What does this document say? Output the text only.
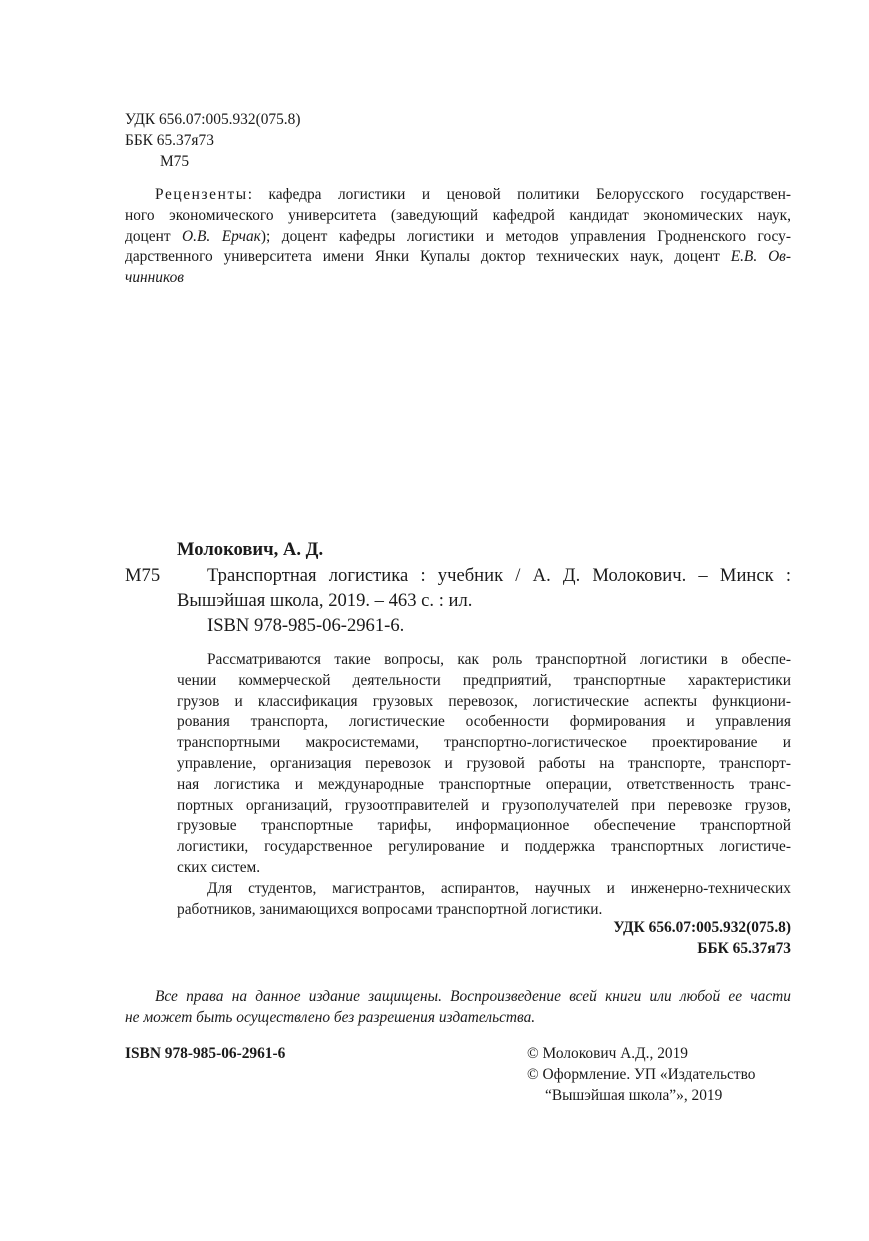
УДК 656.07:005.932(075.8)
ББК 65.37я73
М75
Рецензенты: кафедра логистики и ценовой политики Белорусского государствен-
ного экономического университета (заведующий кафедрой кандидат экономических наук,
доцент О.В. Ерчак); доцент кафедры логистики и методов управления Гродненского госу-
дарственного университета имени Янки Купалы доктор технических наук, доцент Е.В. Ов-
чинников
Молокович, А. Д.
М75	Транспортная логистика : учебник / А. Д. Молокович. – Минск :
Вышэйшая школа, 2019. – 463 с. : ил.
ISBN 978-985-06-2961-6.
Рассматриваются такие вопросы, как роль транспортной логистики в обеспе-
чении коммерческой деятельности предприятий, транспортные характеристики
грузов и классификация грузовых перевозок, логистические аспекты функциони-
рования транспорта, логистические особенности формирования и управления
транспортными макросистемами, транспортно-логистическое проектирование и
управление, организация перевозок и грузовой работы на транспорте, транспорт-
ная логистика и международные транспортные операции, ответственность транс-
портных организаций, грузоотправителей и грузополучателей при перевозке грузов,
грузовые транспортные тарифы, информационное обеспечение транспортной
логистики, государственное регулирование и поддержка транспортных логистиче-
ских систем.
Для студентов, магистрантов, аспирантов, научных и инженерно-технических
работников, занимающихся вопросами транспортной логистики.
УДК 656.07:005.932(075.8)
ББК 65.37я73
Все права на данное издание защищены. Воспроизведение всей книги или любой ее части
не может быть осуществлено без разрешения издательства.
ISBN 978-985-06-2961-6	© Молокович А.Д., 2019
© Оформление. УП «Издательство
“Вышэйшая школа”», 2019
